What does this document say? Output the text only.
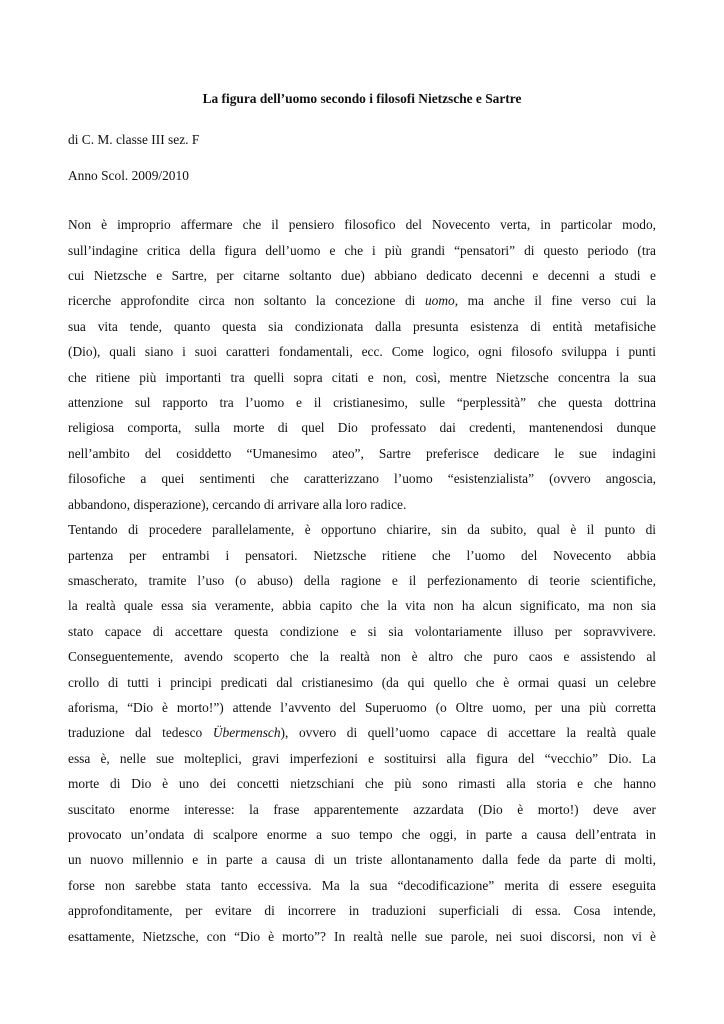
La figura dell’uomo secondo i filosofi Nietzsche e Sartre

di C. M. classe III sez. F

Anno Scol. 2009/2010

Non è improprio affermare che il pensiero filosofico del Novecento verta, in particolar modo,
sull’indagine critica della figura dell’uomo e che i più grandi “pensatori” di questo periodo (tra
cui Nietzsche e Sartre, per citarne soltanto due) abbiano dedicato decenni e decenni a studi e
ricerche approfondite circa non soltanto la concezione di uomo, ma anche il fine verso cui la
sua vita tende, quanto questa sia condizionata dalla presunta esistenza di entità metafisiche
(Dio), quali siano i suoi caratteri fondamentali, ecc. Come logico, ogni filosofo sviluppa i punti
che ritiene più importanti tra quelli sopra citati e non, così, mentre Nietzsche concentra la sua
attenzione sul rapporto tra l’uomo e il cristianesimo, sulle “perplessità” che questa dottrina
religiosa comporta, sulla morte di quel Dio professato dai credenti, mantenendosi dunque
nell’ambito del cosiddetto “Umanesimo ateo”, Sartre preferisce dedicare le sue indagini
filosofiche a quei sentimenti che caratterizzano l’uomo “esistenzialista” (ovvero angoscia,
abbandono, disperazione), cercando di arrivare alla loro radice.
Tentando di procedere parallelamente, è opportuno chiarire, sin da subito, qual è il punto di
partenza per entrambi i pensatori. Nietzsche ritiene che l’uomo del Novecento abbia
smascherato, tramite l’uso (o abuso) della ragione e il perfezionamento di teorie scientifiche,
la realtà quale essa sia veramente, abbia capito che la vita non ha alcun significato, ma non sia
stato capace di accettare questa condizione e si sia volontariamente illuso per sopravvivere.
Conseguentemente, avendo scoperto che la realtà non è altro che puro caos e assistendo al
crollo di tutti i principi predicati dal cristianesimo (da qui quello che è ormai quasi un celebre
aforisma, “Dio è morto!”) attende l’avvento del Superuomo (o Oltre uomo, per una più corretta
traduzione dal tedesco Übermensch), ovvero di quell’uomo capace di accettare la realtà quale
essa è, nelle sue molteplici, gravi imperfezioni e sostituirsi alla figura del “vecchio” Dio. La
morte di Dio è uno dei concetti nietzschiani che più sono rimasti alla storia e che hanno
suscitato enorme interesse: la frase apparentemente azzardata (Dio è morto!) deve aver
provocato un’ondata di scalpore enorme a suo tempo che oggi, in parte a causa dell’entrata in
un nuovo millennio e in parte a causa di un triste allontanamento dalla fede da parte di molti,
forse non sarebbe stata tanto eccessiva. Ma la sua “decodificazione” merita di essere eseguita
approfonditamente, per evitare di incorrere in traduzioni superficiali di essa. Cosa intende,
esattamente, Nietzsche, con “Dio è morto”? In realtà nelle sue parole, nei suoi discorsi, non vi è
